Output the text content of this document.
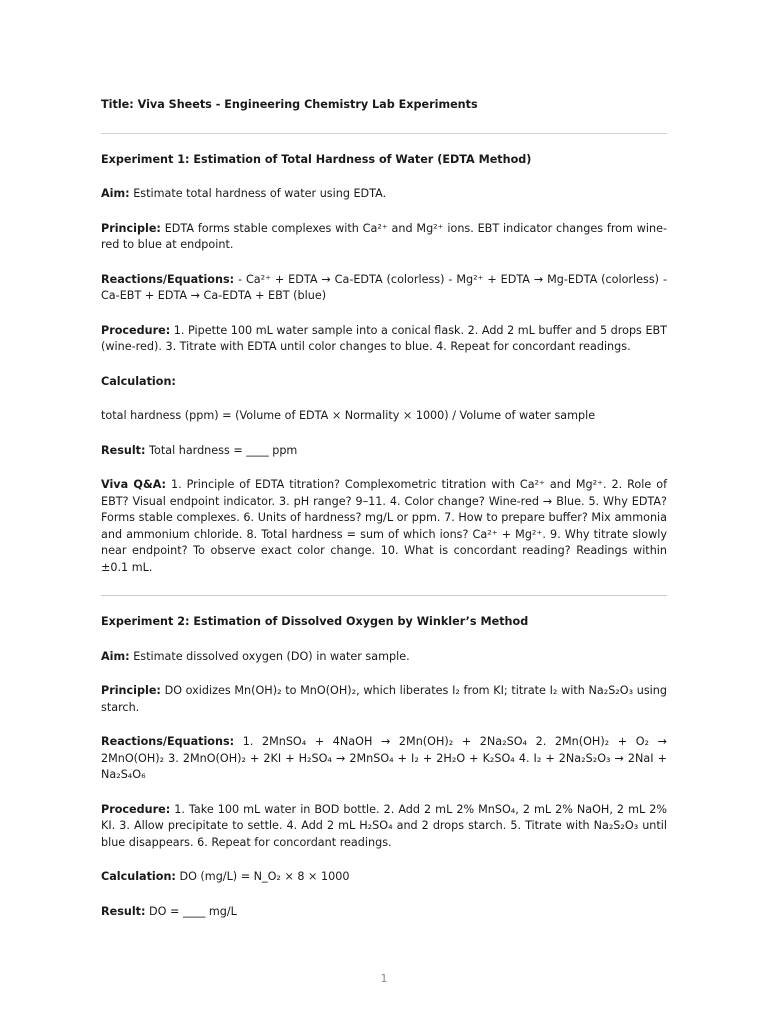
Title: Viva Sheets - Engineering Chemistry Lab Experiments

Experiment 1: Estimation of Total Hardness of Water (EDTA Method)

Aim: Estimate total hardness of water using EDTA.

Principle: EDTA forms stable complexes with Ca²⁺ and Mg²⁺ ions. EBT indicator changes from wine-red to blue at endpoint.

Reactions/Equations: - Ca²⁺ + EDTA → Ca-EDTA (colorless) - Mg²⁺ + EDTA → Mg-EDTA (colorless) - Ca-EBT + EDTA → Ca-EDTA + EBT (blue)

Procedure: 1. Pipette 100 mL water sample into a conical flask. 2. Add 2 mL buffer and 5 drops EBT (wine-red). 3. Titrate with EDTA until color changes to blue. 4. Repeat for concordant readings.

Calculation:

total hardness (ppm) = (Volume of EDTA × Normality × 1000) / Volume of water sample

Result: Total hardness = ____ ppm

Viva Q&A: 1. Principle of EDTA titration? Complexometric titration with Ca²⁺ and Mg²⁺. 2. Role of EBT? Visual endpoint indicator. 3. pH range? 9–11. 4. Color change? Wine-red → Blue. 5. Why EDTA? Forms stable complexes. 6. Units of hardness? mg/L or ppm. 7. How to prepare buffer? Mix ammonia and ammonium chloride. 8. Total hardness = sum of which ions? Ca²⁺ + Mg²⁺. 9. Why titrate slowly near endpoint? To observe exact color change. 10. What is concordant reading? Readings within ±0.1 mL.

Experiment 2: Estimation of Dissolved Oxygen by Winkler’s Method

Aim: Estimate dissolved oxygen (DO) in water sample.

Principle: DO oxidizes Mn(OH)₂ to MnO(OH)₂, which liberates I₂ from KI; titrate I₂ with Na₂S₂O₃ using starch.

Reactions/Equations: 1. 2MnSO₄ + 4NaOH → 2Mn(OH)₂ + 2Na₂SO₄ 2. 2Mn(OH)₂ + O₂ → 2MnO(OH)₂ 3. 2MnO(OH)₂ + 2KI + H₂SO₄ → 2MnSO₄ + I₂ + 2H₂O + K₂SO₄ 4. I₂ + 2Na₂S₂O₃ → 2NaI + Na₂S₄O₆

Procedure: 1. Take 100 mL water in BOD bottle. 2. Add 2 mL 2% MnSO₄, 2 mL 2% NaOH, 2 mL 2% KI. 3. Allow precipitate to settle. 4. Add 2 mL H₂SO₄ and 2 drops starch. 5. Titrate with Na₂S₂O₃ until blue disappears. 6. Repeat for concordant readings.

Calculation: DO (mg/L) = N_O₂ × 8 × 1000

Result: DO = ____ mg/L

1
